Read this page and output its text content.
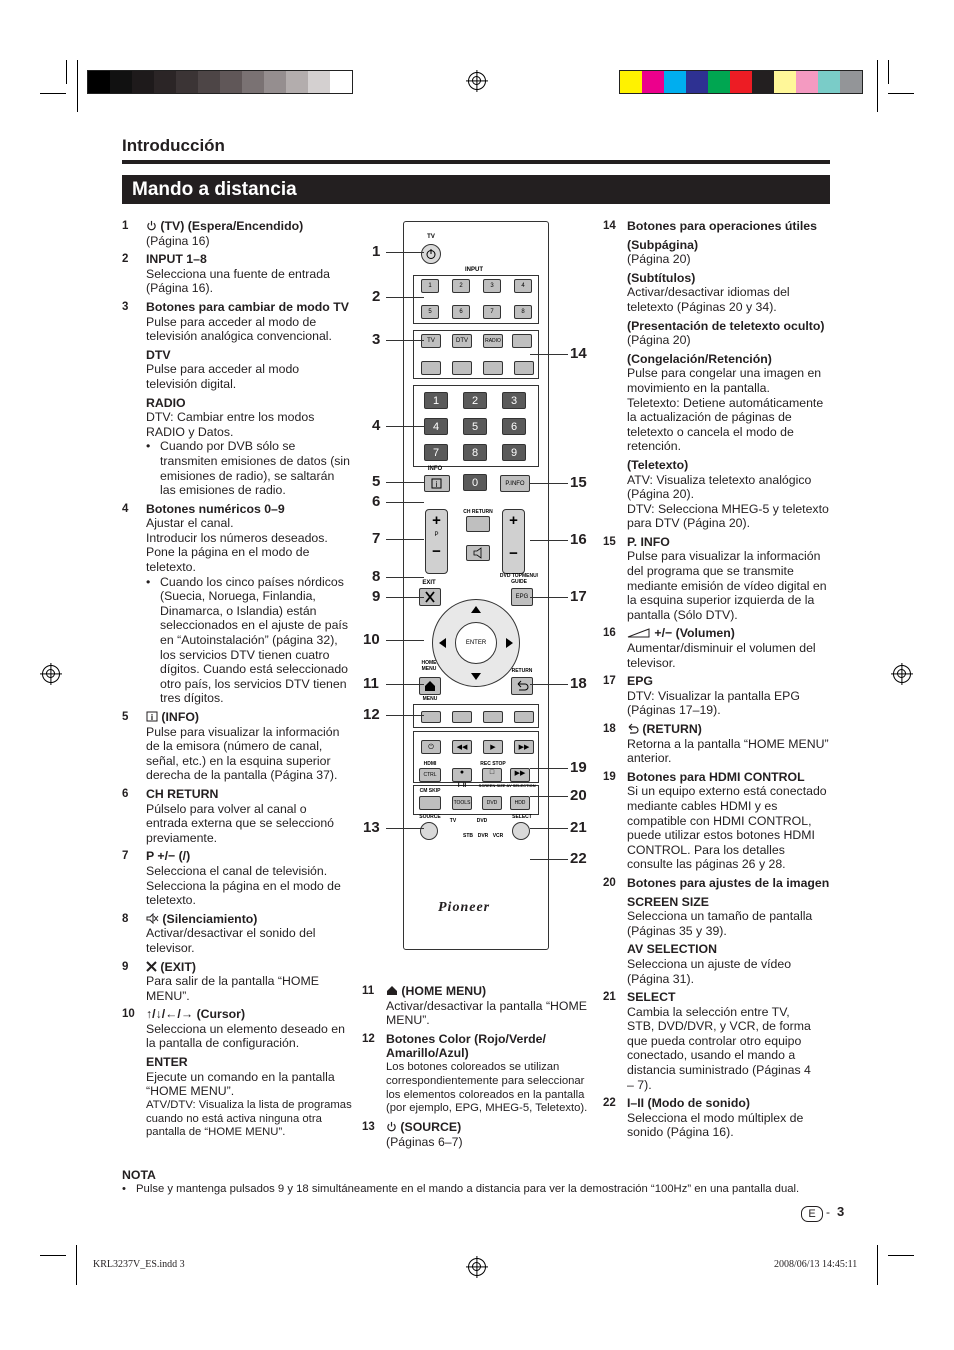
Introducción
Mando a distancia
1	(TV) (Espera/Encendido)
(Página 16)
2	INPUT 1–8
Selecciona una fuente de entrada
(Página 16).
3	Botones para cambiar de modo TV
Pulse para acceder al modo de
televisión analógica convencional.
DTV
Pulse para acceder al modo
televisión digital.
RADIO
DTV: Cambiar entre los modos
RADIO y Datos.
• Cuando por DVB sólo se transmiten emisiones de datos (sin emisiones de radio), se saltarán las emisiones de radio.
4	Botones numéricos 0–9
Ajustar el canal.
Introducir los números deseados.
Pone la página en el modo de
teletexto.
• Cuando los cinco países nórdicos (Suecia, Noruega, Finlandia, Dinamarca, o Islandia) están seleccionados en el ajuste de país en “Autoinstalación” (página 32), los servicios DTV tienen cuatro dígitos. Cuando está seleccionado otro país, los servicios DTV tienen tres dígitos.
5	i (INFO)
Pulse para visualizar la información
de la emisora (número de canal,
señal, etc.) en la esquina superior
derecha de la pantalla (Página 37).
6	CH RETURN
Púlselo para volver al canal o
entrada externa que se seleccionó
previamente.
7	P +/− (/)
Selecciona el canal de televisión.
Selecciona la página en el modo de
teletexto.
8	(Silenciamiento)
Activar/desactivar el sonido del
televisor.
9	(EXIT)
Para salir de la pantalla “HOME
MENU”.
10 ↑/↓/←/→ (Cursor)
Selecciona un elemento deseado en
la pantalla de configuración.
ENTER
Ejecute un comando en la pantalla
“HOME MENU”.
ATV/DTV: Visualiza la lista de programas
cuando no está activa ninguna otra
pantalla de “HOME MENU”.
11	(HOME MENU)
Activar/desactivar la pantalla “HOME
MENU”.
12 Botones Color (Rojo/Verde/ Amarillo/Azul)
Los botones coloreados se utilizan
correspondientemente para seleccionar
los elementos coloreados en la pantalla
(por ejemplo, EPG, MHEG-5, Teletexto).
13	(SOURCE)
(Páginas 6–7)
14 Botones para operaciones útiles
(Subpágina)
(Página 20)
(Subtítulos)
Activar/desactivar idiomas del
teletexto (Páginas 20 y 34).
(Presentación de teletexto oculto)
(Página 20)
(Congelación/Retención)
Pulse para congelar una imagen en
movimiento en la pantalla.
Teletexto: Detiene automáticamente
la actualización de páginas de
teletexto o cancela el modo de
retención.
(Teletexto)
ATV: Visualiza teletexto analógico
(Página 20).
DTV: Selecciona MHEG-5 y teletexto
para DTV (Página 20).
15 P. INFO
Pulse para visualizar la información
del programa que se transmite
mediante emisión de vídeo digital en
la esquina superior izquierda de la
pantalla (Sólo DTV).
16	+/− (Volumen)
Aumentar/disminuir el volumen del
televisor.
17 EPG
DTV: Visualizar la pantalla EPG
(Páginas 17–19).
18	(RETURN)
Retorna a la pantalla “HOME MENU”
anterior.
19 Botones para HDMI CONTROL
Si un equipo externo está conectado
mediante cables HDMI y es
compatible con HDMI CONTROL,
puede utilizar estos botones HDMI
CONTROL. Para los detalles
consulte las páginas 26 y 28.
20 Botones para ajustes de la imagen
SCREEN SIZE
Selecciona un tamaño de pantalla
(Páginas 35 y 39).
AV SELECTION
Selecciona un ajuste de vídeo
(Página 31).
21 SELECT
Cambia la selección entre TV,
STB, DVD/DVR, y VCR, de forma
que pueda controlar otro equipo
conectado, usando el mando a
distancia suministrado (Páginas 4
– 7).
22 I–II (Modo de sonido)
Selecciona el modo múltiplex de
sonido (Página 16).
TV
INPUT
INFO
i	P.INFO
CH RETURN
+
P
−
+
−
EXIT
DVD TOPMENU/ GUIDE
EPG
ENTER
HOME MENU
MENU
RETURN
HDMI
CTRL
REC STOP
●	□	▶▶
CM SKIP
I–II
TOOLS
SCREEN SIZE
DVD
AV SELECTION
HDD
SOURCE
TV	DVD
STB DVR VCR
SELECT
Pioneer
1	2	3	4
5	6	7	8
TV	DTV	RADIO
1	2	3
4	5	6
7	8	9
0
⏻	◀◀	▶	▶▶
1
2
3
4
5
6
7
8
9
10
11
12
13
14
15
16
17
18
19
20
21
22
NOTA
• Pulse y mantenga pulsados 9 y 18 simultáneamente en el mando a distancia para ver la demostración “100Hz” en una pantalla dual.
E - 3
KRL3237V_ES.indd 3	2008/06/13 14:45:11
